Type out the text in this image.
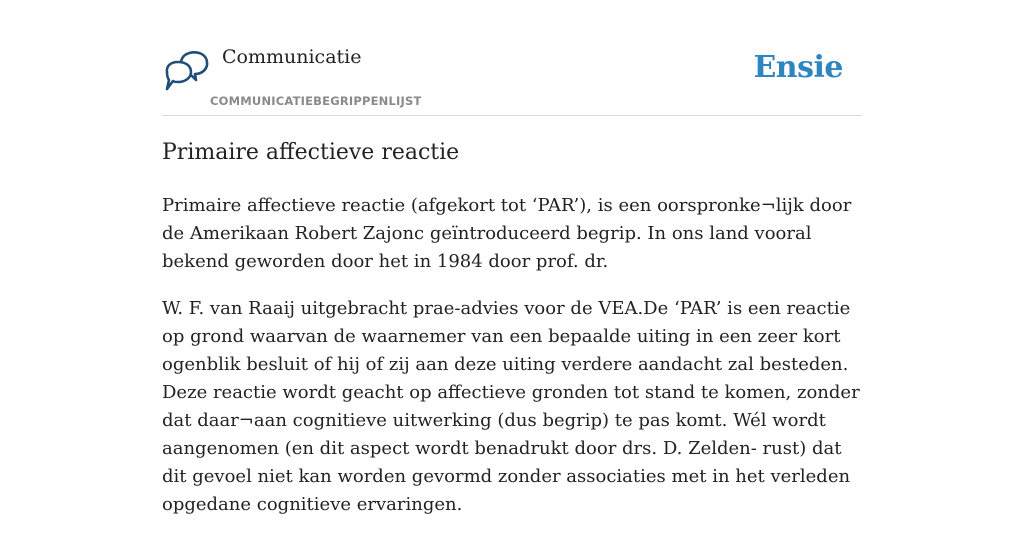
Communicatie
COMMUNICATIEBEGRIPPENLIJST
Ensie
Primaire affectieve reactie

Primaire affectieve reactie (afgekort tot ‘PAR’), is een oorspronke¬lijk door de Amerikaan Robert Zajonc geïntroduceerd begrip. In ons land vooral bekend geworden door het in 1984 door prof. dr.

W. F. van Raaij uitgebracht prae-advies voor de VEA.De ‘PAR’ is een reactie op grond waarvan de waarnemer van een bepaalde uiting in een zeer kort ogenblik besluit of hij of zij aan deze uiting verdere aandacht zal besteden. Deze reactie wordt geacht op affectieve gronden tot stand te komen, zonder dat daar¬aan cognitieve uitwerking (dus begrip) te pas komt. Wél wordt aangenomen (en dit aspect wordt benadrukt door drs. D. Zelden- rust) dat dit gevoel niet kan worden gevormd zonder associaties met in het verleden opgedane cognitieve ervaringen.
